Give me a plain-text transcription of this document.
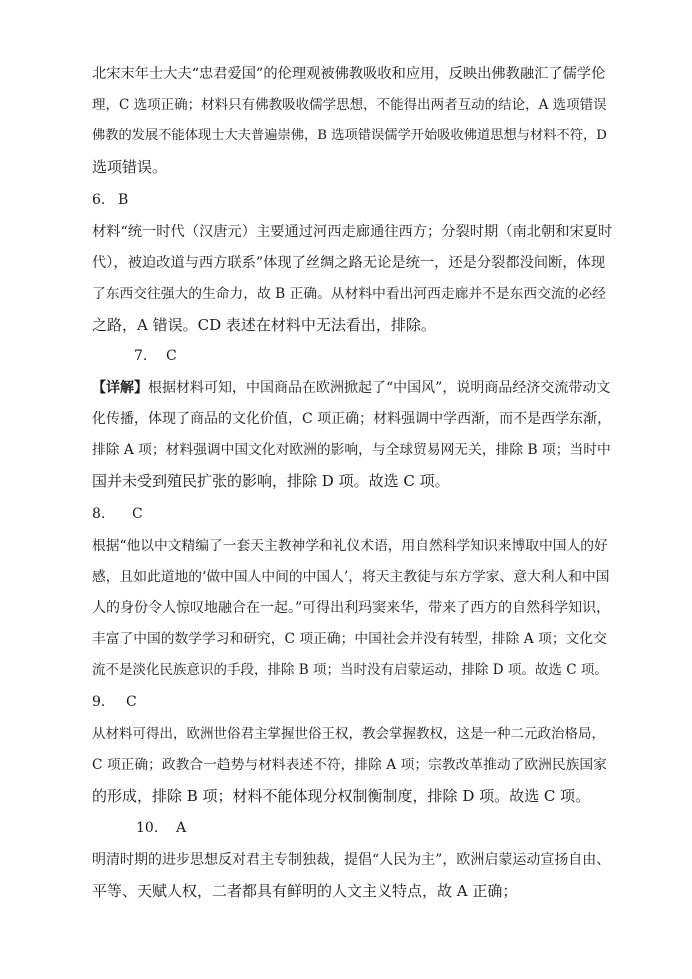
北宋末年士大夫“忠君爱国”的伦理观被佛教吸收和应用，反映出佛教融汇了儒学伦
理，C 选项正确；材料只有佛教吸收儒学思想，不能得出两者互动的结论，A 选项错误
佛教的发展不能体现士大夫普遍崇佛，B 选项错误儒学开始吸收佛道思想与材料不符，D
选项错误。
6. B
材料“统一时代（汉唐元）主要通过河西走廊通往西方；分裂时期（南北朝和宋夏时
代），被迫改道与西方联系”体现了丝绸之路无论是统一，还是分裂都没间断，体现
了东西交往强大的生命力，故 B 正确。从材料中看出河西走廊并不是东西交流的必经
之路，A 错误。CD 表述在材料中无法看出，排除。
7. C
【详解】根据材料可知，中国商品在欧洲掀起了“中国风”，说明商品经济交流带动文
化传播，体现了商品的文化价值，C 项正确；材料强调中学西渐，而不是西学东渐，
排除 A 项；材料强调中国文化对欧洲的影响，与全球贸易网无关，排除 B 项；当时中
国并未受到殖民扩张的影响，排除 D 项。故选 C 项。
8. C
根据“他以中文精编了一套天主教神学和礼仪术语，用自然科学知识来博取中国人的好
感，且如此道地的‘做中国人中间的中国人’，将天主教徒与东方学家、意大利人和中国
人的身份令人惊叹地融合在一起。”可得出利玛窦来华，带来了西方的自然科学知识，
丰富了中国的数学学习和研究，C 项正确；中国社会并没有转型，排除 A 项；文化交
流不是淡化民族意识的手段，排除 B 项；当时没有启蒙运动，排除 D 项。故选 C 项。
9. C
从材料可得出，欧洲世俗君主掌握世俗王权，教会掌握教权，这是一种二元政治格局，
C 项正确；政教合一趋势与材料表述不符，排除 A 项；宗教改革推动了欧洲民族国家
的形成，排除 B 项；材料不能体现分权制衡制度，排除 D 项。故选 C 项。
10. A
明清时期的进步思想反对君主专制独裁，提倡“人民为主”，欧洲启蒙运动宣扬自由、
平等、天赋人权，二者都具有鲜明的人文主义特点，故 A 正确；
